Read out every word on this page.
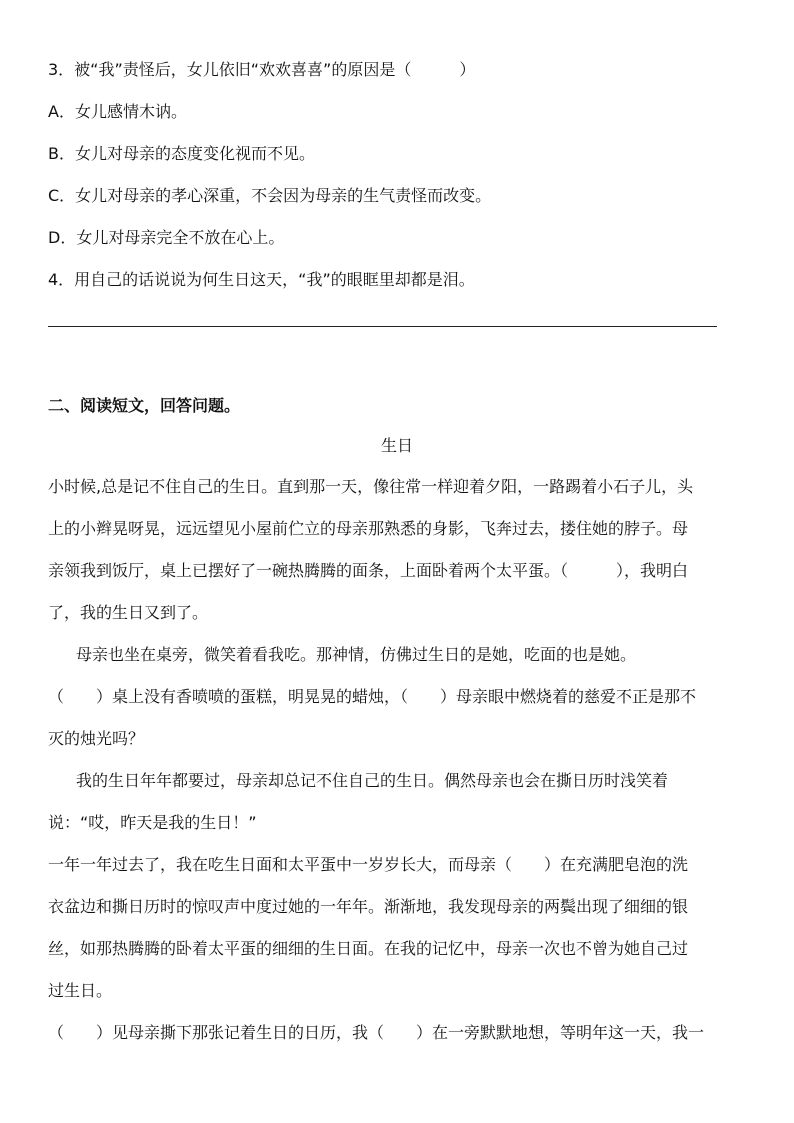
3．被“我”责怪后，女儿依旧“欢欢喜喜”的原因是（　　　）
A．女儿感情木讷。
B．女儿对母亲的态度变化视而不见。
C．女儿对母亲的孝心深重，不会因为母亲的生气责怪而改变。
D．女儿对母亲完全不放在心上。
4．用自己的话说说为何生日这天，“我”的眼眶里却都是泪。
二、阅读短文，回答问题。
生日
小时候,总是记不住自己的生日。直到那一天，像往常一样迎着夕阳，一路踢着小石子儿，头
上的小辫晃呀晃，远远望见小屋前伫立的母亲那熟悉的身影，飞奔过去，搂住她的脖子。母
亲领我到饭厅，桌上已摆好了一碗热腾腾的面条，上面卧着两个太平蛋。（　　　），我明白
了，我的生日又到了。
母亲也坐在桌旁，微笑着看我吃。那神情，仿佛过生日的是她，吃面的也是她。
（　　）桌上没有香喷喷的蛋糕，明晃晃的蜡烛，（　　）母亲眼中燃烧着的慈爱不正是那不
灭的烛光吗？
我的生日年年都要过，母亲却总记不住自己的生日。偶然母亲也会在撕日历时浅笑着
说：“哎，昨天是我的生日！”
一年一年过去了，我在吃生日面和太平蛋中一岁岁长大，而母亲（　　）在充满肥皂泡的洗
衣盆边和撕日历时的惊叹声中度过她的一年年。渐渐地，我发现母亲的两鬓出现了细细的银
丝，如那热腾腾的卧着太平蛋的细细的生日面。在我的记忆中，母亲一次也不曾为她自己过
过生日。
（　　）见母亲撕下那张记着生日的日历，我（　　）在一旁默默地想，等明年这一天，我一
